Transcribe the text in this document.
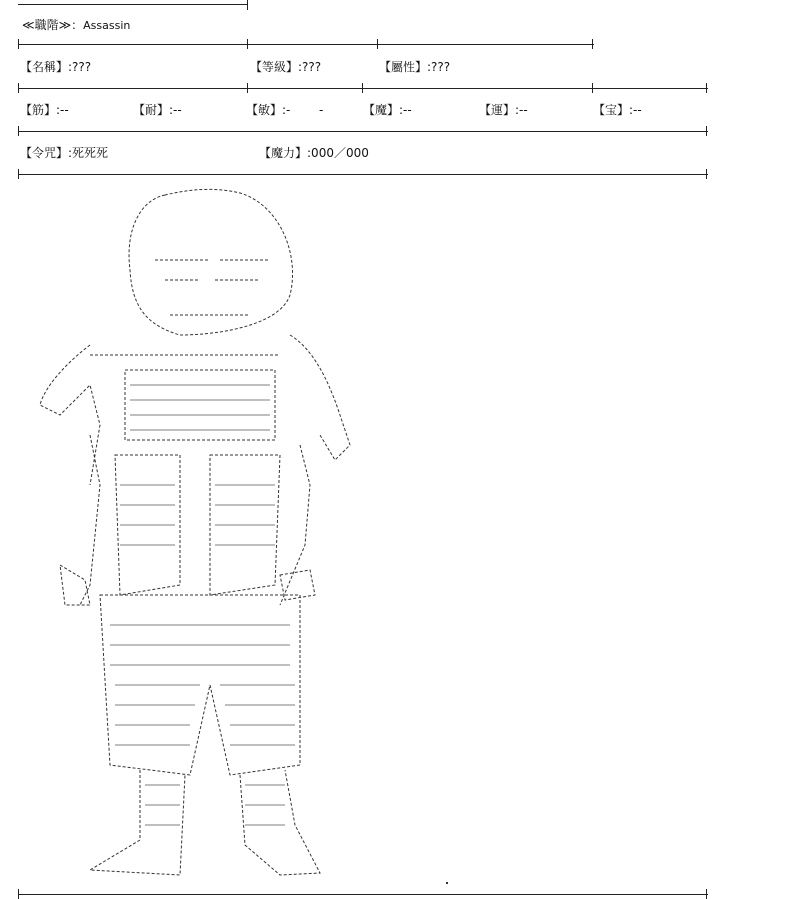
≪職階≫：Assassin
【名稱】:???	【等級】:???	【屬性】:???
【筋】:--	【耐】:--	【敏】:- -	【魔】:--	【運】:--	【宝】:--
【令咒】:死死死	【魔力】:000／000
